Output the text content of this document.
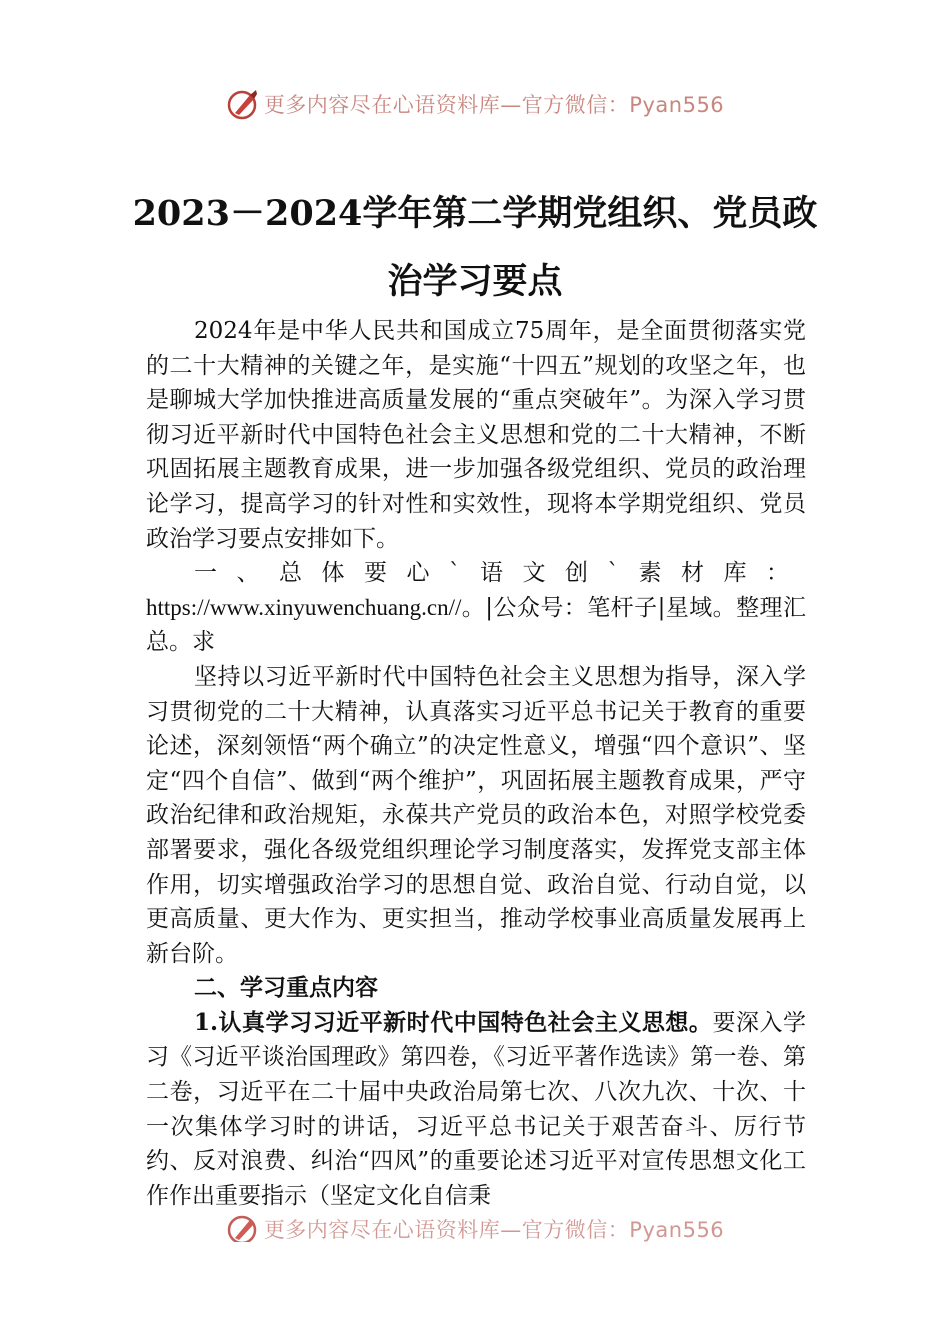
更多内容尽在心语资料库—官方微信：Pyan556
2023－2024学年第二学期党组织、党员政
治学习要点

2024年是中华人民共和国成立75周年，是全面贯彻落实党的二十大精神的关键之年，是实施“十四五”规划的攻坚之年，也是聊城大学加快推进高质量发展的“重点突破年”。为深入学习贯彻习近平新时代中国特色社会主义思想和党的二十大精神，不断巩固拓展主题教育成果，进一步加强各级党组织、党员的政治理论学习，提高学习的针对性和实效性，现将本学期党组织、党员政治学习要点安排如下。

一、总体要心`语文创`素材库：https://www.xinyuwenchuang.cn//。|公众号：笔杆子|星域。整理汇总。求

坚持以习近平新时代中国特色社会主义思想为指导，深入学习贯彻党的二十大精神，认真落实习近平总书记关于教育的重要论述，深刻领悟“两个确立”的决定性意义，增强“四个意识”、坚定“四个自信”、做到“两个维护”，巩固拓展主题教育成果，严守政治纪律和政治规矩，永葆共产党员的政治本色，对照学校党委部署要求，强化各级党组织理论学习制度落实，发挥党支部主体作用，切实增强政治学习的思想自觉、政治自觉、行动自觉，以更高质量、更大作为、更实担当，推动学校事业高质量发展再上新台阶。

二、学习重点内容

1.认真学习习近平新时代中国特色社会主义思想。要深入学习《习近平谈治国理政》第四卷，《习近平著作选读》第一卷、第二卷，习近平在二十届中央政治局第七次、八次九次、十次、十一次集体学习时的讲话，习近平总书记关于艰苦奋斗、厉行节约、反对浪费、纠治“四风”的重要论述习近平对宣传思想文化工作作出重要指示（坚定文化自信秉

更多内容尽在心语资料库—官方微信：Pyan556
